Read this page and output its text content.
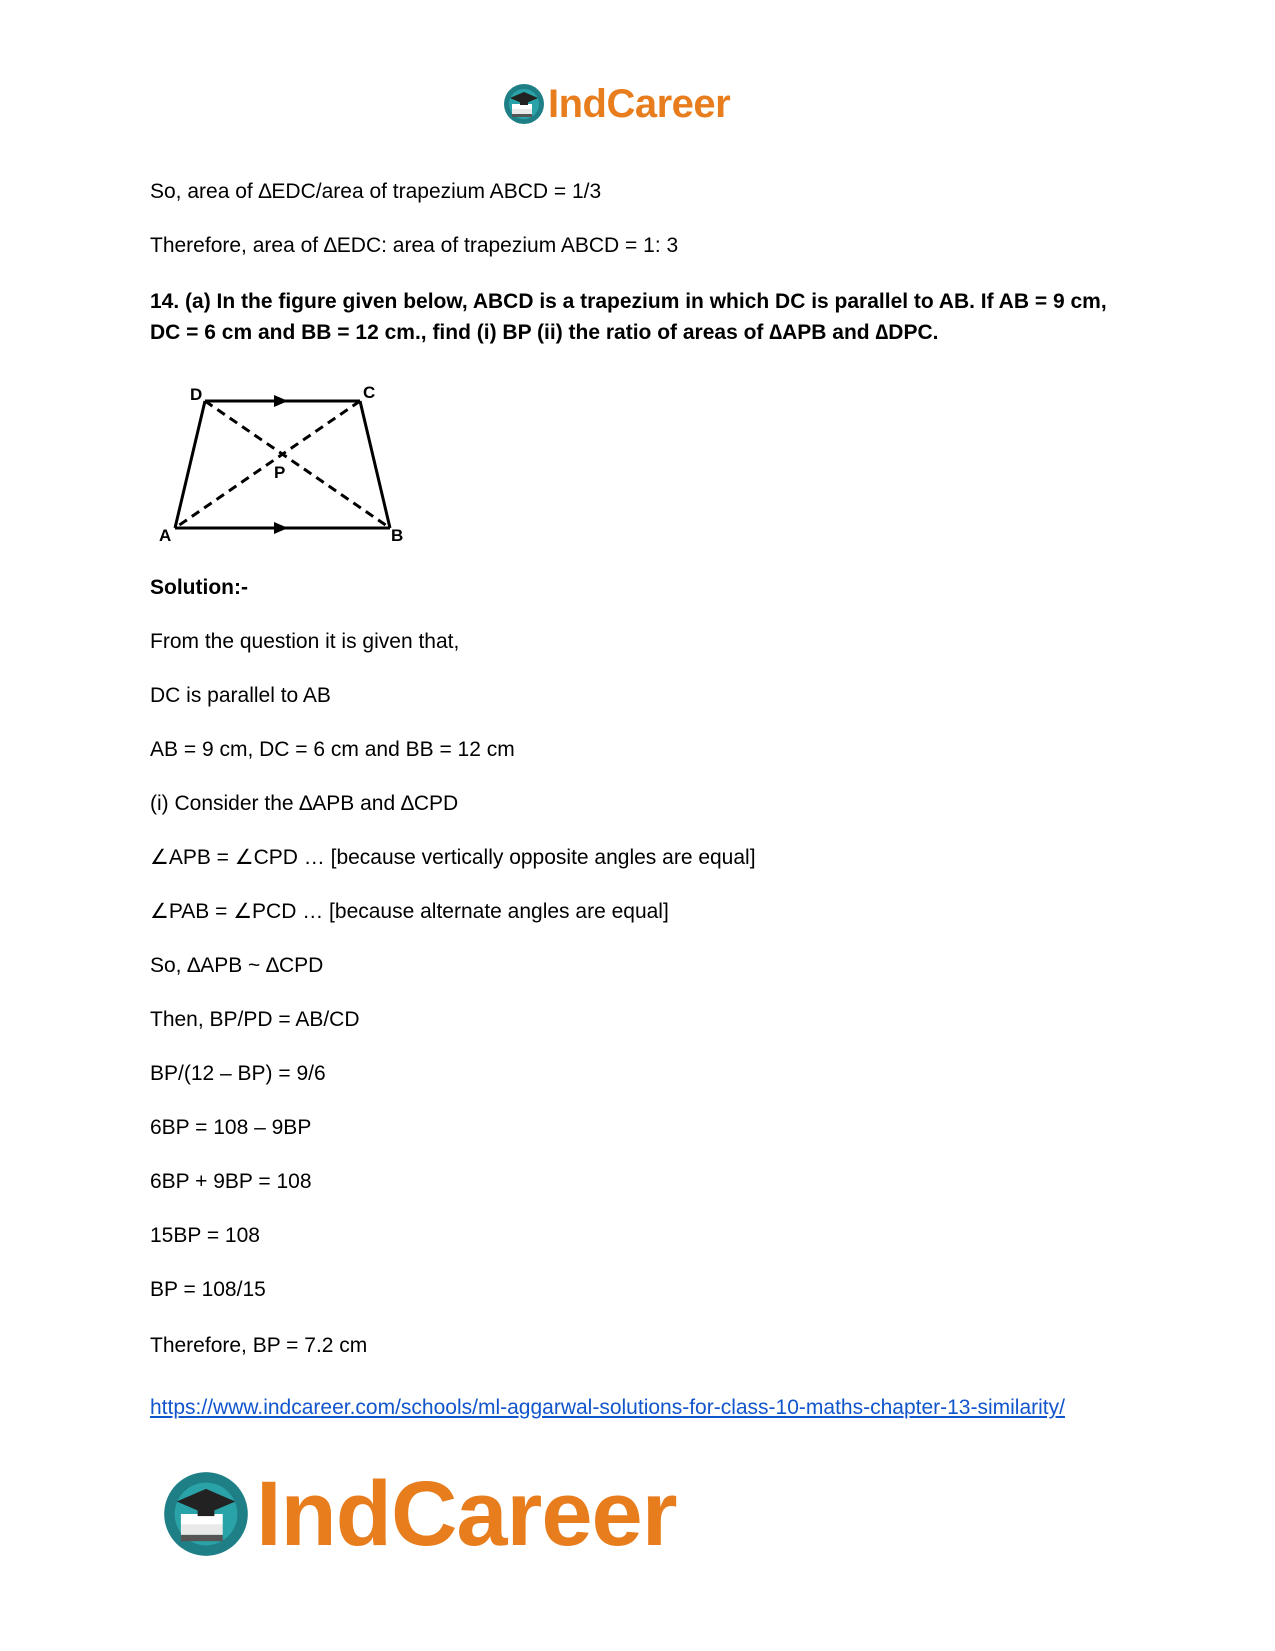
IndCareer
So, area of ∆EDC/area of trapezium ABCD = 1/3
Therefore, area of ∆EDC: area of trapezium ABCD = 1: 3
14. (a) In the figure given below, ABCD is a trapezium in which DC is parallel to AB. If AB = 9 cm, DC = 6 cm and BB = 12 cm., find (i) BP (ii) the ratio of areas of ∆APB and ∆DPC.
D	C
A	B
P
Solution:-
From the question it is given that,
DC is parallel to AB
AB = 9 cm, DC = 6 cm and BB = 12 cm
(i) Consider the ∆APB and ∆CPD
∠APB = ∠CPD … [because vertically opposite angles are equal]
∠PAB = ∠PCD … [because alternate angles are equal]
So, ∆APB ~ ∆CPD
Then, BP/PD = AB/CD
BP/(12 – BP) = 9/6
6BP = 108 – 9BP
6BP + 9BP = 108
15BP = 108
BP = 108/15
Therefore, BP = 7.2 cm
https://www.indcareer.com/schools/ml-aggarwal-solutions-for-class-10-maths-chapter-13-similarity/
IndCareer
